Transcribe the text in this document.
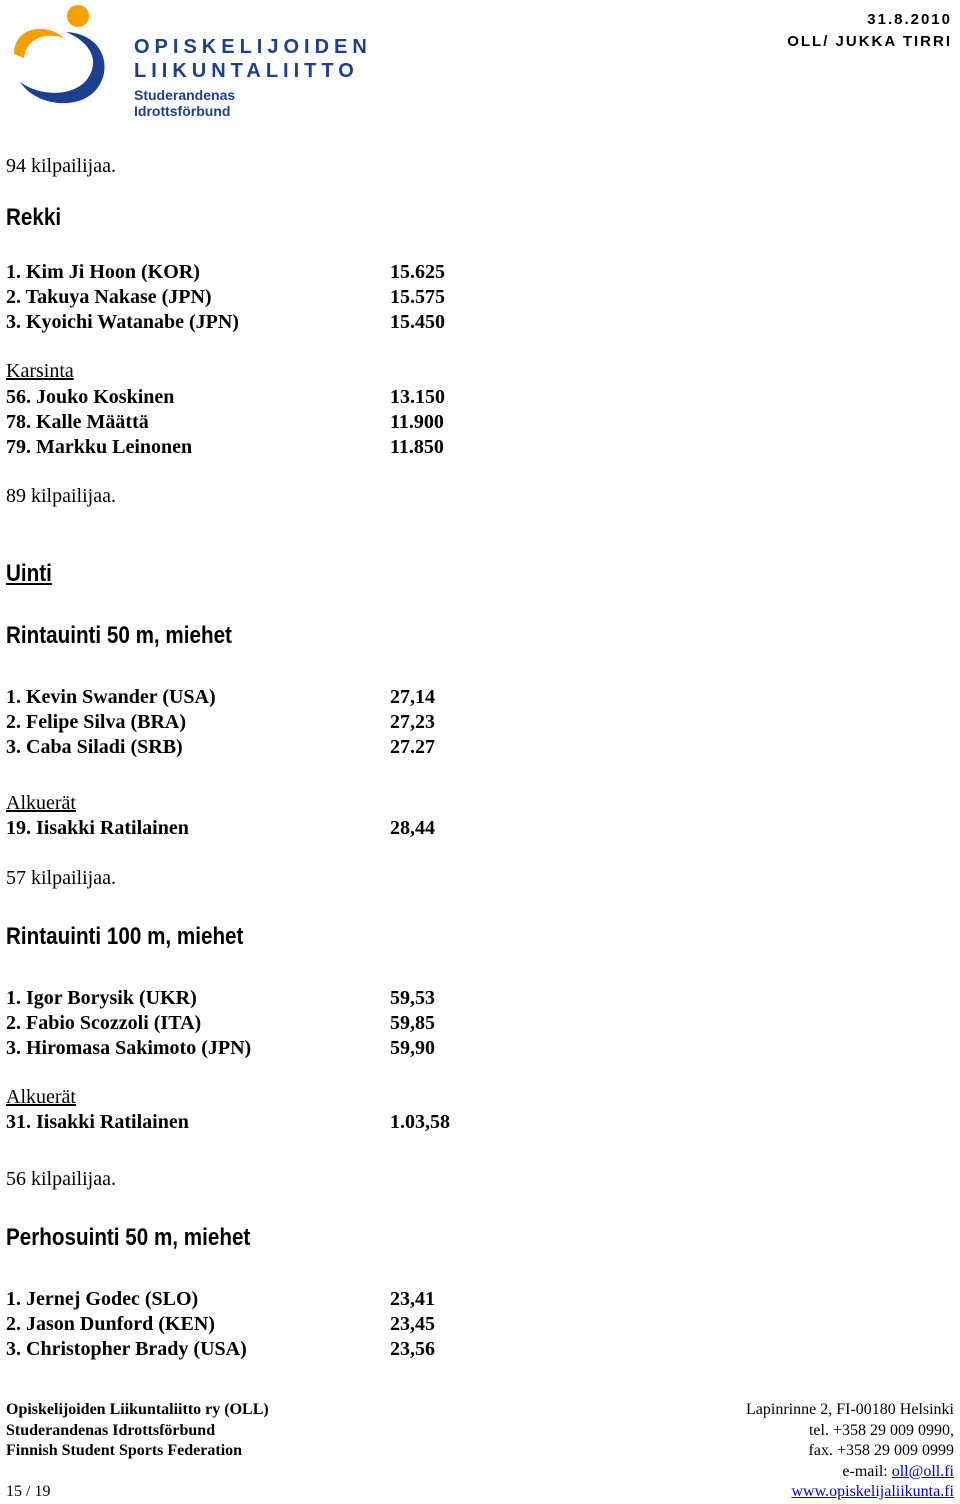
OPISKELIJOIDEN
LIIKUNTALIITTO
Studerandenas Idrottsförbund
31.8.2010
OLL/ JUKKA TIRRI
94 kilpailijaa.
Rekki
1. Kim Ji Hoon (KOR)	15.625
2. Takuya Nakase (JPN)	15.575
3. Kyoichi Watanabe (JPN)	15.450
Karsinta
56. Jouko Koskinen	13.150
78. Kalle Määttä	11.900
79. Markku Leinonen	11.850
89 kilpailijaa.
Uinti
Rintauinti 50 m, miehet
1. Kevin Swander (USA)	27,14
2. Felipe Silva (BRA)	27,23
3. Caba Siladi (SRB)	27.27
Alkuerät
19. Iisakki Ratilainen	28,44
57 kilpailijaa.
Rintauinti 100 m, miehet
1. Igor Borysik (UKR)	59,53
2. Fabio Scozzoli (ITA)	59,85
3. Hiromasa Sakimoto (JPN)	59,90
Alkuerät
31. Iisakki Ratilainen	1.03,58
56 kilpailijaa.
Perhosuinti 50 m, miehet
1. Jernej Godec (SLO)	23,41
2. Jason Dunford (KEN)	23,45
3. Christopher Brady (USA)	23,56
Opiskelijoiden Liikuntaliitto ry (OLL)
Studerandenas Idrottsförbund
Finnish Student Sports Federation
15 / 19
Lapinrinne 2, FI-00180 Helsinki
tel. +358 29 009 0990,
fax. +358 29 009 0999
e-mail: oll@oll.fi
www.opiskelijaliikunta.fi
